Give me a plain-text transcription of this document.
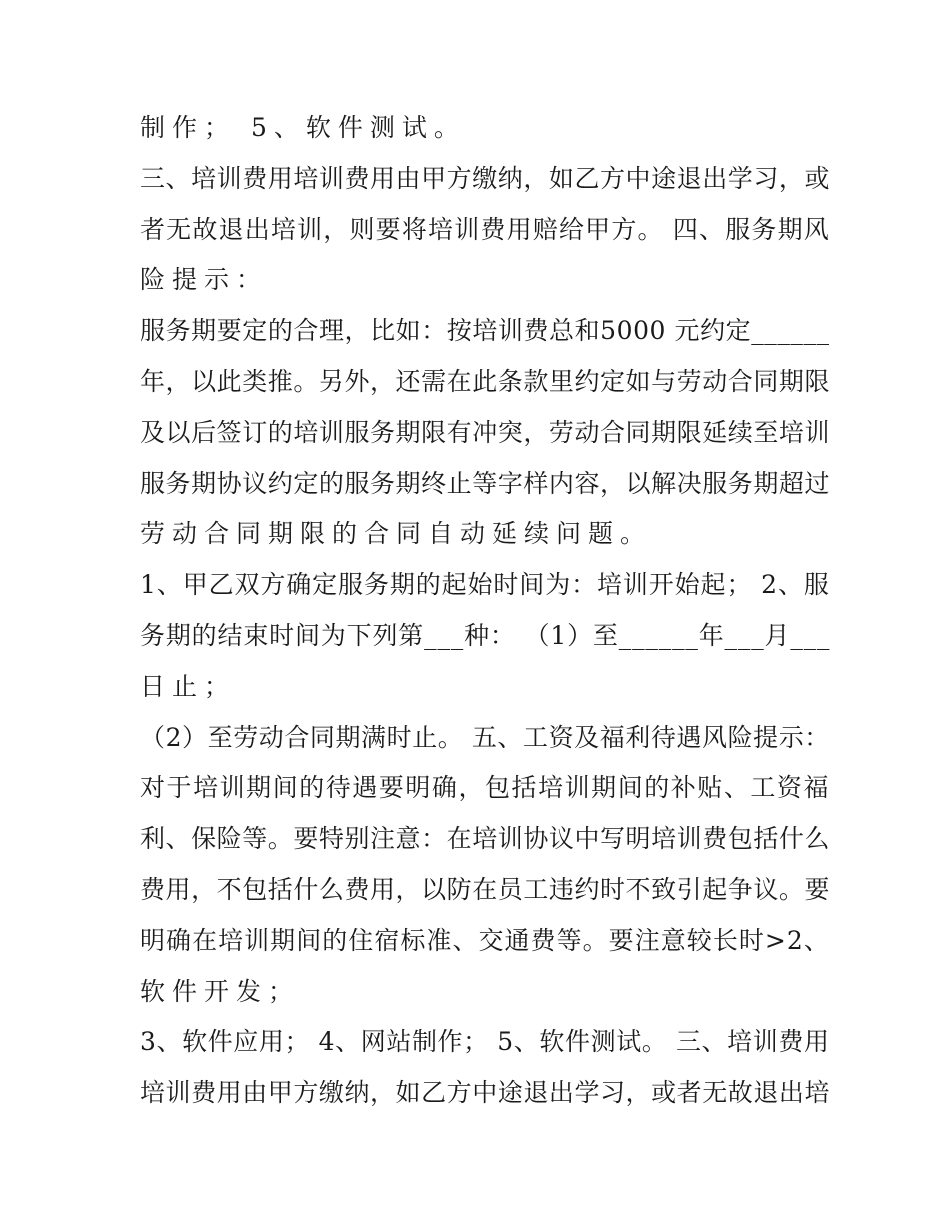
制作； 5、软件测试。
三、培训费用培训费用由甲方缴纳，如乙方中途退出学习，或
者无故退出培训，则要将培训费用赔给甲方。 四、服务期风
险提示：
服务期要定的合理，比如：按培训费总和5000 元约定______
年，以此类推。另外，还需在此条款里约定如与劳动合同期限
及以后签订的培训服务期限有冲突，劳动合同期限延续至培训
服务期协议约定的服务期终止等字样内容，以解决服务期超过
劳动合同期限的合同自动延续问题。
1、甲乙双方确定服务期的起始时间为：培训开始起； 2、服
务期的结束时间为下列第___种： （1）至______年___月___
日止；
（2）至劳动合同期满时止。 五、工资及福利待遇风险提示：
对于培训期间的待遇要明确，包括培训期间的补贴、工资福
利、保险等。要特别注意：在培训协议中写明培训费包括什么
费用，不包括什么费用，以防在员工违约时不致引起争议。要
明确在培训期间的住宿标准、交通费等。要注意较长时>2、
软件开发；
3、软件应用； 4、网站制作； 5、软件测试。 三、培训费用
培训费用由甲方缴纳，如乙方中途退出学习，或者无故退出培
